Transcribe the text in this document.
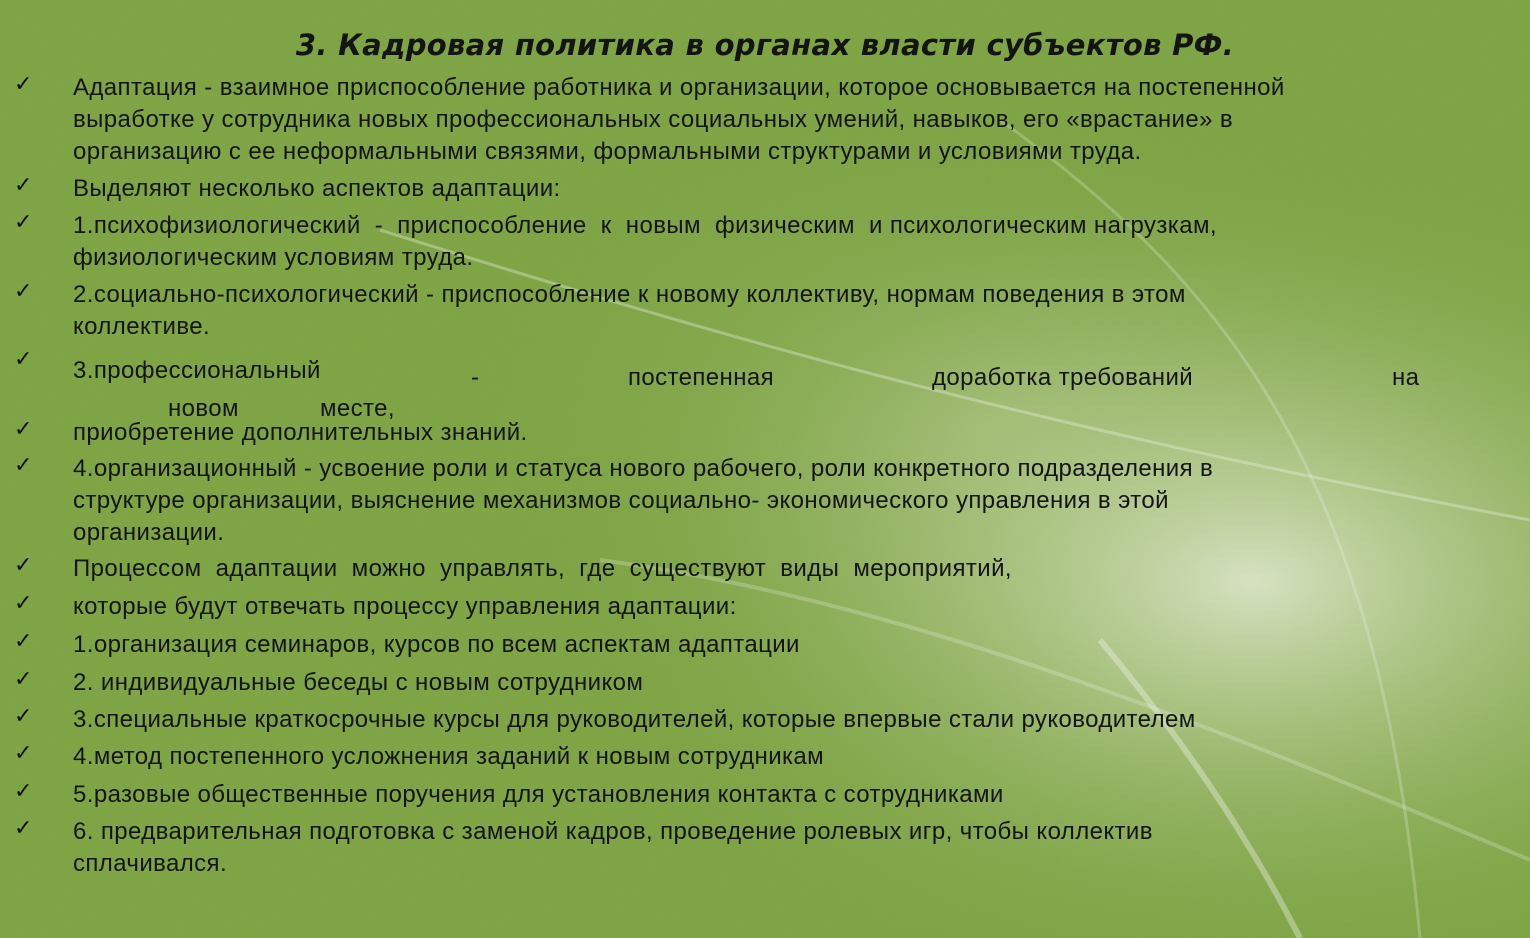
3. Кадровая политика в органах власти субъектов РФ.
✓ Адаптация - взаимное приспособление работника и организации, которое основывается на постепенной
выработке у сотрудника новых профессиональных социальных умений, навыков, его «врастание» в
организацию с ее неформальными связями, формальными структурами и условиями труда.
✓ Выделяют несколько аспектов адаптации:
✓ 1.психофизиологический  -  приспособление  к  новым  физическим  и психологическим нагрузкам,
физиологическим условиям труда.
✓ 2.социально-психологический - приспособление к новому коллективу, нормам поведения в этом
коллективе.
✓ 3.профессиональный	-	постепенная	доработка требований	на
новом	месте,
✓ приобретение дополнительных знаний.
✓ 4.организационный - усвоение роли и статуса нового рабочего, роли конкретного подразделения в
структуре организации, выяснение механизмов социально- экономического управления в этой
организации.
✓ Процессом  адаптации  можно  управлять,  где  существуют  виды  мероприятий,
✓ которые будут отвечать процессу управления адаптации:
✓ 1.организация семинаров, курсов по всем аспектам адаптации
✓ 2. индивидуальные беседы с новым сотрудником
✓ 3.специальные краткосрочные курсы для руководителей, которые впервые стали руководителем
✓ 4.метод постепенного усложнения заданий к новым сотрудникам
✓ 5.разовые общественные поручения для установления контакта с сотрудниками
✓ 6. предварительная подготовка с заменой кадров, проведение ролевых игр, чтобы коллектив
сплачивался.
